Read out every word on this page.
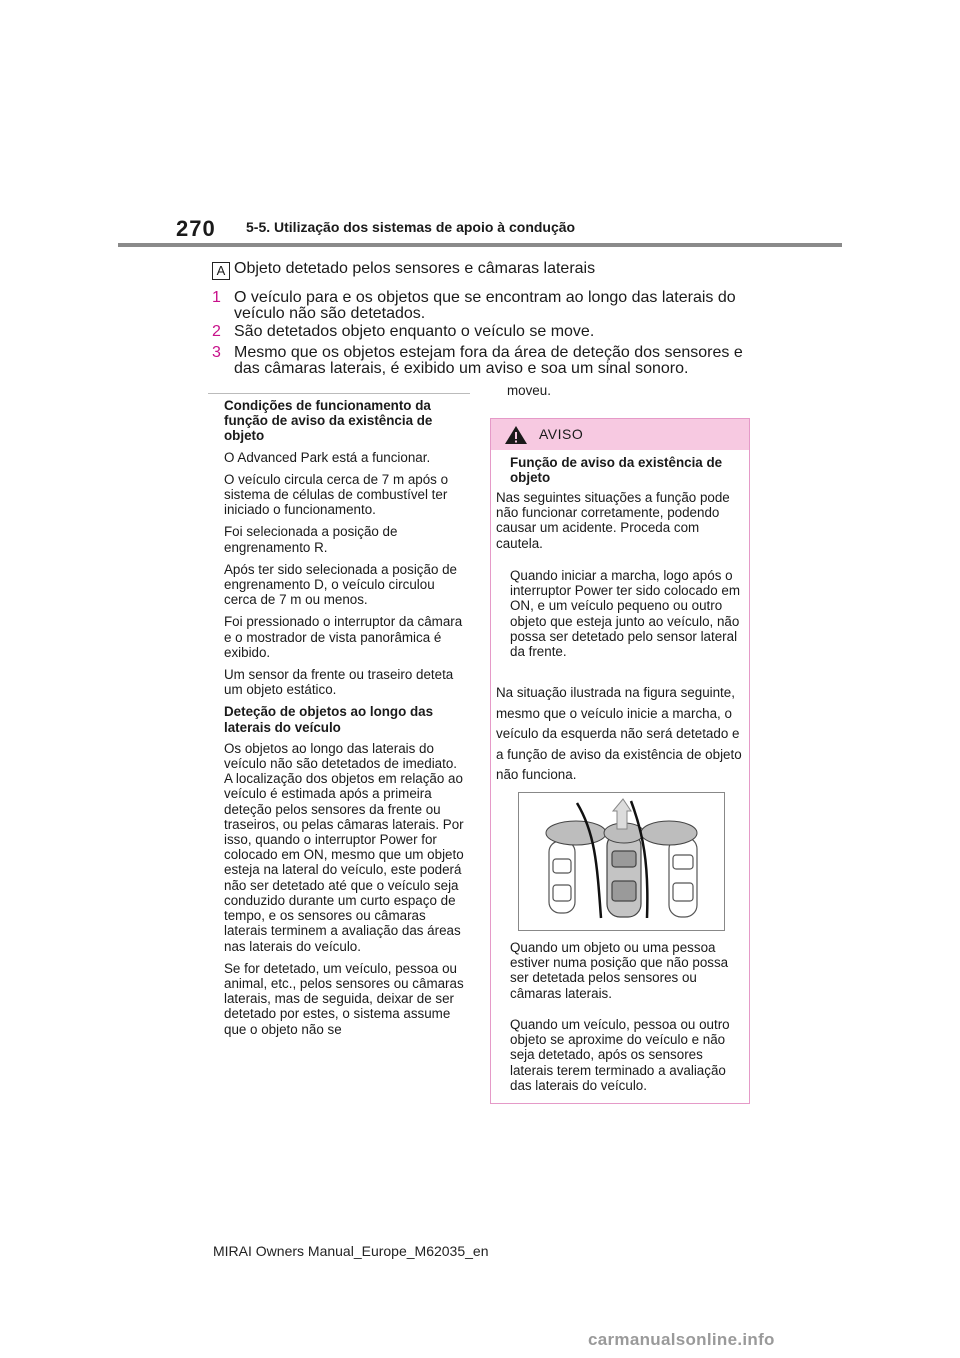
270 5-5. Utilização dos sistemas de apoio à condução
A Objeto detetado pelos sensores e câmaras laterais
1 O veículo para e os objetos que se encontram ao longo das laterais do veículo não são detetados.
2 São detetados objeto enquanto o veículo se move.
3 Mesmo que os objetos estejam fora da área de deteção dos sensores e das câmaras laterais, é exibido um aviso e soa um sinal sonoro.

Condições de funcionamento da função de aviso da existência de objeto

O Advanced Park está a funcionar.

O veículo circula cerca de 7 m após o sistema de células de combustível ter iniciado o funcionamento.

Foi selecionada a posição de engrenamento R.

Após ter sido selecionada a posição de engrenamento D, o veículo circulou cerca de 7 m ou menos.

Foi pressionado o interruptor da câmara e o mostrador de vista panorâmica é exibido.

Um sensor da frente ou traseiro deteta um objeto estático.

Deteção de objetos ao longo das laterais do veículo

Os objetos ao longo das laterais do veículo não são detetados de imediato. A localização dos objetos em relação ao veículo é estimada após a primeira deteção pelos sensores da frente ou traseiros, ou pelas câmaras laterais. Por isso, quando o interruptor Power for colocado em ON, mesmo que um objeto esteja na lateral do veículo, este poderá não ser detetado até que o veículo seja conduzido durante um curto espaço de tempo, e os sensores ou câmaras laterais terminem a avaliação das áreas nas laterais do veículo.

Se for detetado, um veículo, pessoa ou animal, etc., pelos sensores ou câmaras laterais, mas de seguida, deixar de ser detetado por estes, o sistema assume que o objeto não se

moveu.
AVISO
Função de aviso da existência de objeto
Nas seguintes situações a função pode não funcionar corretamente, podendo causar um acidente. Proceda com cautela.
Quando iniciar a marcha, logo após o interruptor Power ter sido colocado em ON, e um veículo pequeno ou outro objeto que esteja junto ao veículo, não possa ser detetado pelo sensor lateral da frente.
Na situação ilustrada na figura seguinte, mesmo que o veículo inicie a marcha, o veículo da esquerda não será detetado e a função de aviso da existência de objeto não funciona.
Quando um objeto ou uma pessoa estiver numa posição que não possa ser detetada pelos sensores ou câmaras laterais.
Quando um veículo, pessoa ou outro objeto se aproxime do veículo e não seja detetado, após os sensores laterais terem terminado a avaliação das laterais do veículo.
MIRAI Owners Manual_Europe_M62035_en
carmanualsonline.info
